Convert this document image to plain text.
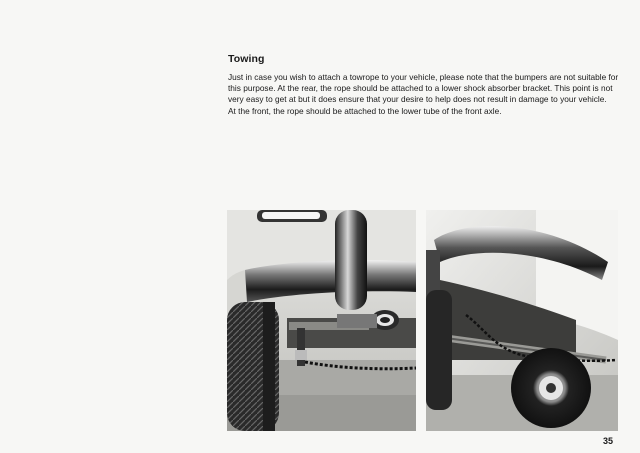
Towing

Just in case you wish to attach a towrope to your vehicle, please note that the bumpers are not suitable for this purpose. At the rear, the rope should be attached to a lower shock absorber bracket. This point is not very easy to get at but it does ensure that your desire to help does not result in damage to your vehicle.

At the front, the rope should be attached to the lower tube of the front axle.

35
